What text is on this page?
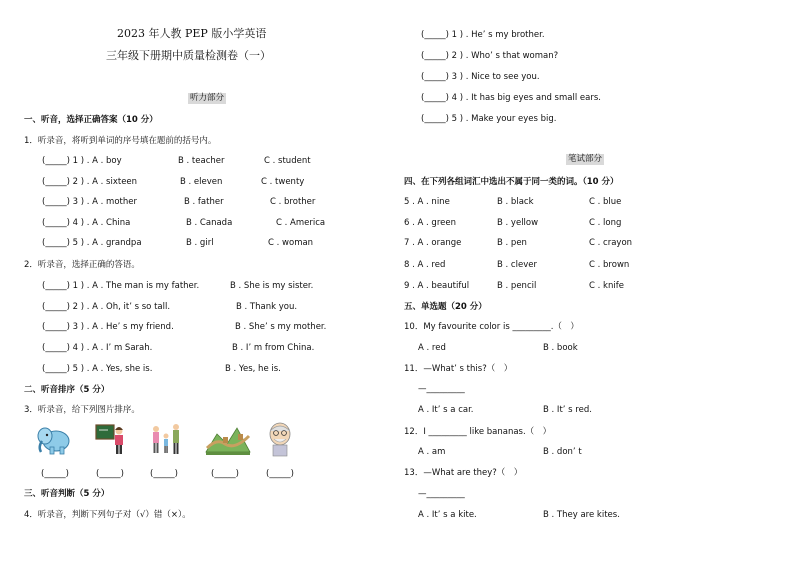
2023 年人教 PEP 版小学英语
三年级下册期中质量检测卷（一）
听力部分
一、听音，选择正确答案（10 分）
1．听录音，将听到单词的序号填在题前的括号内。
(_____) 1 ) . A . boy	B . teacher	C . student
(_____) 2 ) . A . sixteen	B . eleven	C . twenty
(_____) 3 ) . A . mother	B . father	C . brother
(_____) 4 ) . A . China	B . Canada	C . America
(_____) 5 ) . A . grandpa	B . girl	C . woman
2．听录音，选择正确的答语。
(_____) 1 ) . A . The man is my father.	B . She is my sister.
(_____) 2 ) . A . Oh, it’ s so tall.	B . Thank you.
(_____) 3 ) . A . He’ s my friend.	B . She’ s my mother.
(_____) 4 ) . A . I’ m Sarah.	B . I’ m from China.
(_____) 5 ) . A . Yes, she is.	B . Yes, he is.
二、听音排序（5 分）
3．听录音，给下列图片排序。
(_____)	(_____)	(_____)	(_____)	(_____)
三、听音判断（5 分）
4．听录音，判断下列句子对（√）错（×）。
(_____) 1 ) . He’ s my brother.
(_____) 2 ) . Who’ s that woman?
(_____) 3 ) . Nice to see you.
(_____) 4 ) . It has big eyes and small ears.
(_____) 5 ) . Make your eyes big.
笔试部分
四、在下列各组词汇中选出不属于同一类的词。（10 分）
5 . A . nine	B . black	C . blue
6 . A . green	B . yellow	C . long
7 . A . orange	B . pen	C . crayon
8 . A . red	B . clever	C . brown
9 . A . beautiful	B . pencil	C . knife
五、单选题（20 分）
10．My favourite color is _________.（　）
A . red	B . book
11．—What’ s this?（　）
—_________
A . It’ s a car.	B . It’ s red.
12．I _________ like bananas.（　）
A . am	B . don’ t
13．—What are they?（　）
—_________
A . It’ s a kite.	B . They are kites.
